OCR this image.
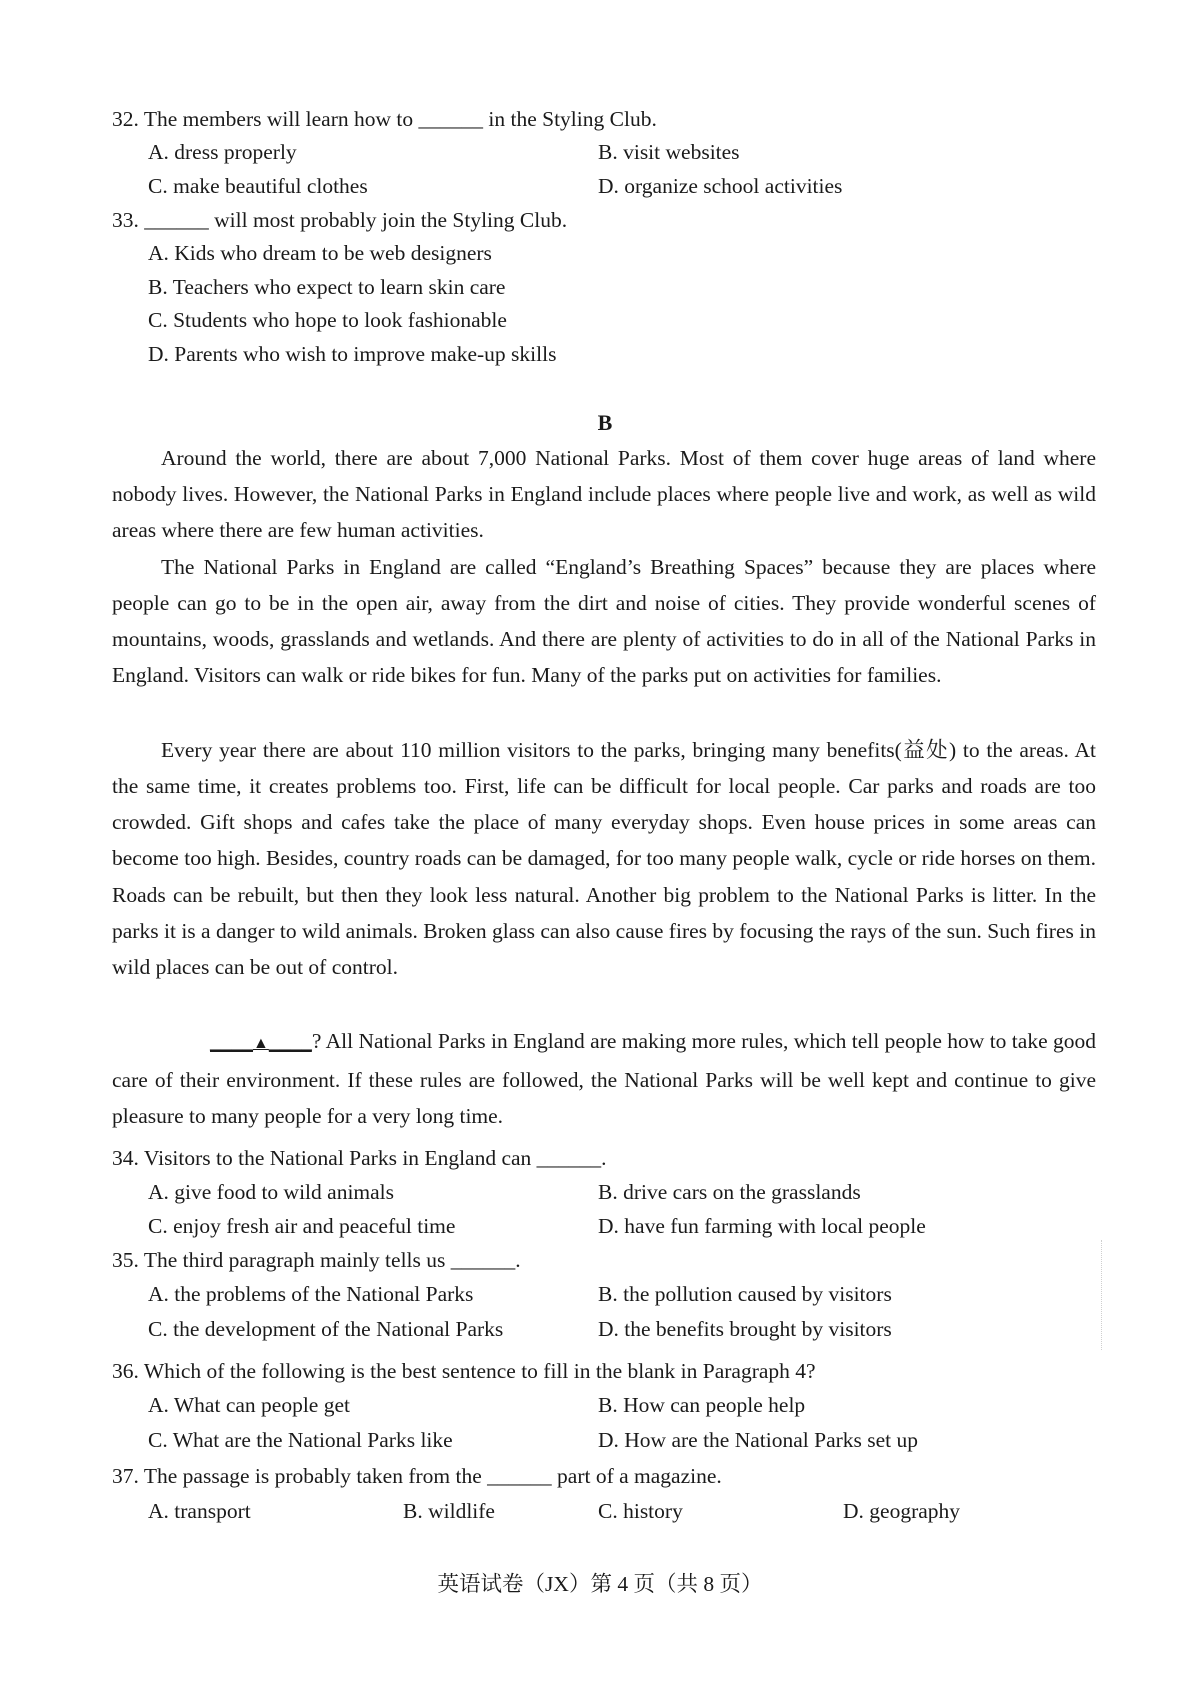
32. The members will learn how to ______ in the Styling Club.
A. dress properly	B. visit websites
C. make beautiful clothes	D. organize school activities
33. ______ will most probably join the Styling Club.
A. Kids who dream to be web designers
B. Teachers who expect to learn skin care
C. Students who hope to look fashionable
D. Parents who wish to improve make-up skills
B

Around the world, there are about 7,000 National Parks. Most of them cover huge areas of land where nobody lives. However, the National Parks in England include places where people live and work, as well as wild areas where there are few human activities.

The National Parks in England are called “England’s Breathing Spaces” because they are places where people can go to be in the open air, away from the dirt and noise of cities. They provide wonderful scenes of mountains, woods, grasslands and wetlands. And there are plenty of activities to do in all of the National Parks in England. Visitors can walk or ride bikes for fun. Many of the parks put on activities for families.

Every year there are about 110 million visitors to the parks, bringing many benefits(益处) to the areas. At the same time, it creates problems too. First, life can be difficult for local people. Car parks and roads are too crowded. Gift shops and cafes take the place of many everyday shops. Even house prices in some areas can become too high. Besides, country roads can be damaged, for too many people walk, cycle or ride horses on them. Roads can be rebuilt, but then they look less natural. Another big problem to the National Parks is litter. In the parks it is a danger to wild animals. Broken glass can also cause fires by focusing the rays of the sun. Such fires in wild places can be out of control.

____▲____? All National Parks in England are making more rules, which tell people how to take good care of their environment. If these rules are followed, the National Parks will be well kept and continue to give pleasure to many people for a very long time.

34. Visitors to the National Parks in England can ______.
A. give food to wild animals	B. drive cars on the grasslands
C. enjoy fresh air and peaceful time	D. have fun farming with local people
35. The third paragraph mainly tells us ______.
A. the problems of the National Parks	B. the pollution caused by visitors
C. the development of the National Parks	D. the benefits brought by visitors
36. Which of the following is the best sentence to fill in the blank in Paragraph 4?
A. What can people get	B. How can people help
C. What are the National Parks like	D. How are the National Parks set up
37. The passage is probably taken from the ______ part of a magazine.
A. transport	B. wildlife	C. history	D. geography
英语试卷（JX）第 4 页（共 8 页）
